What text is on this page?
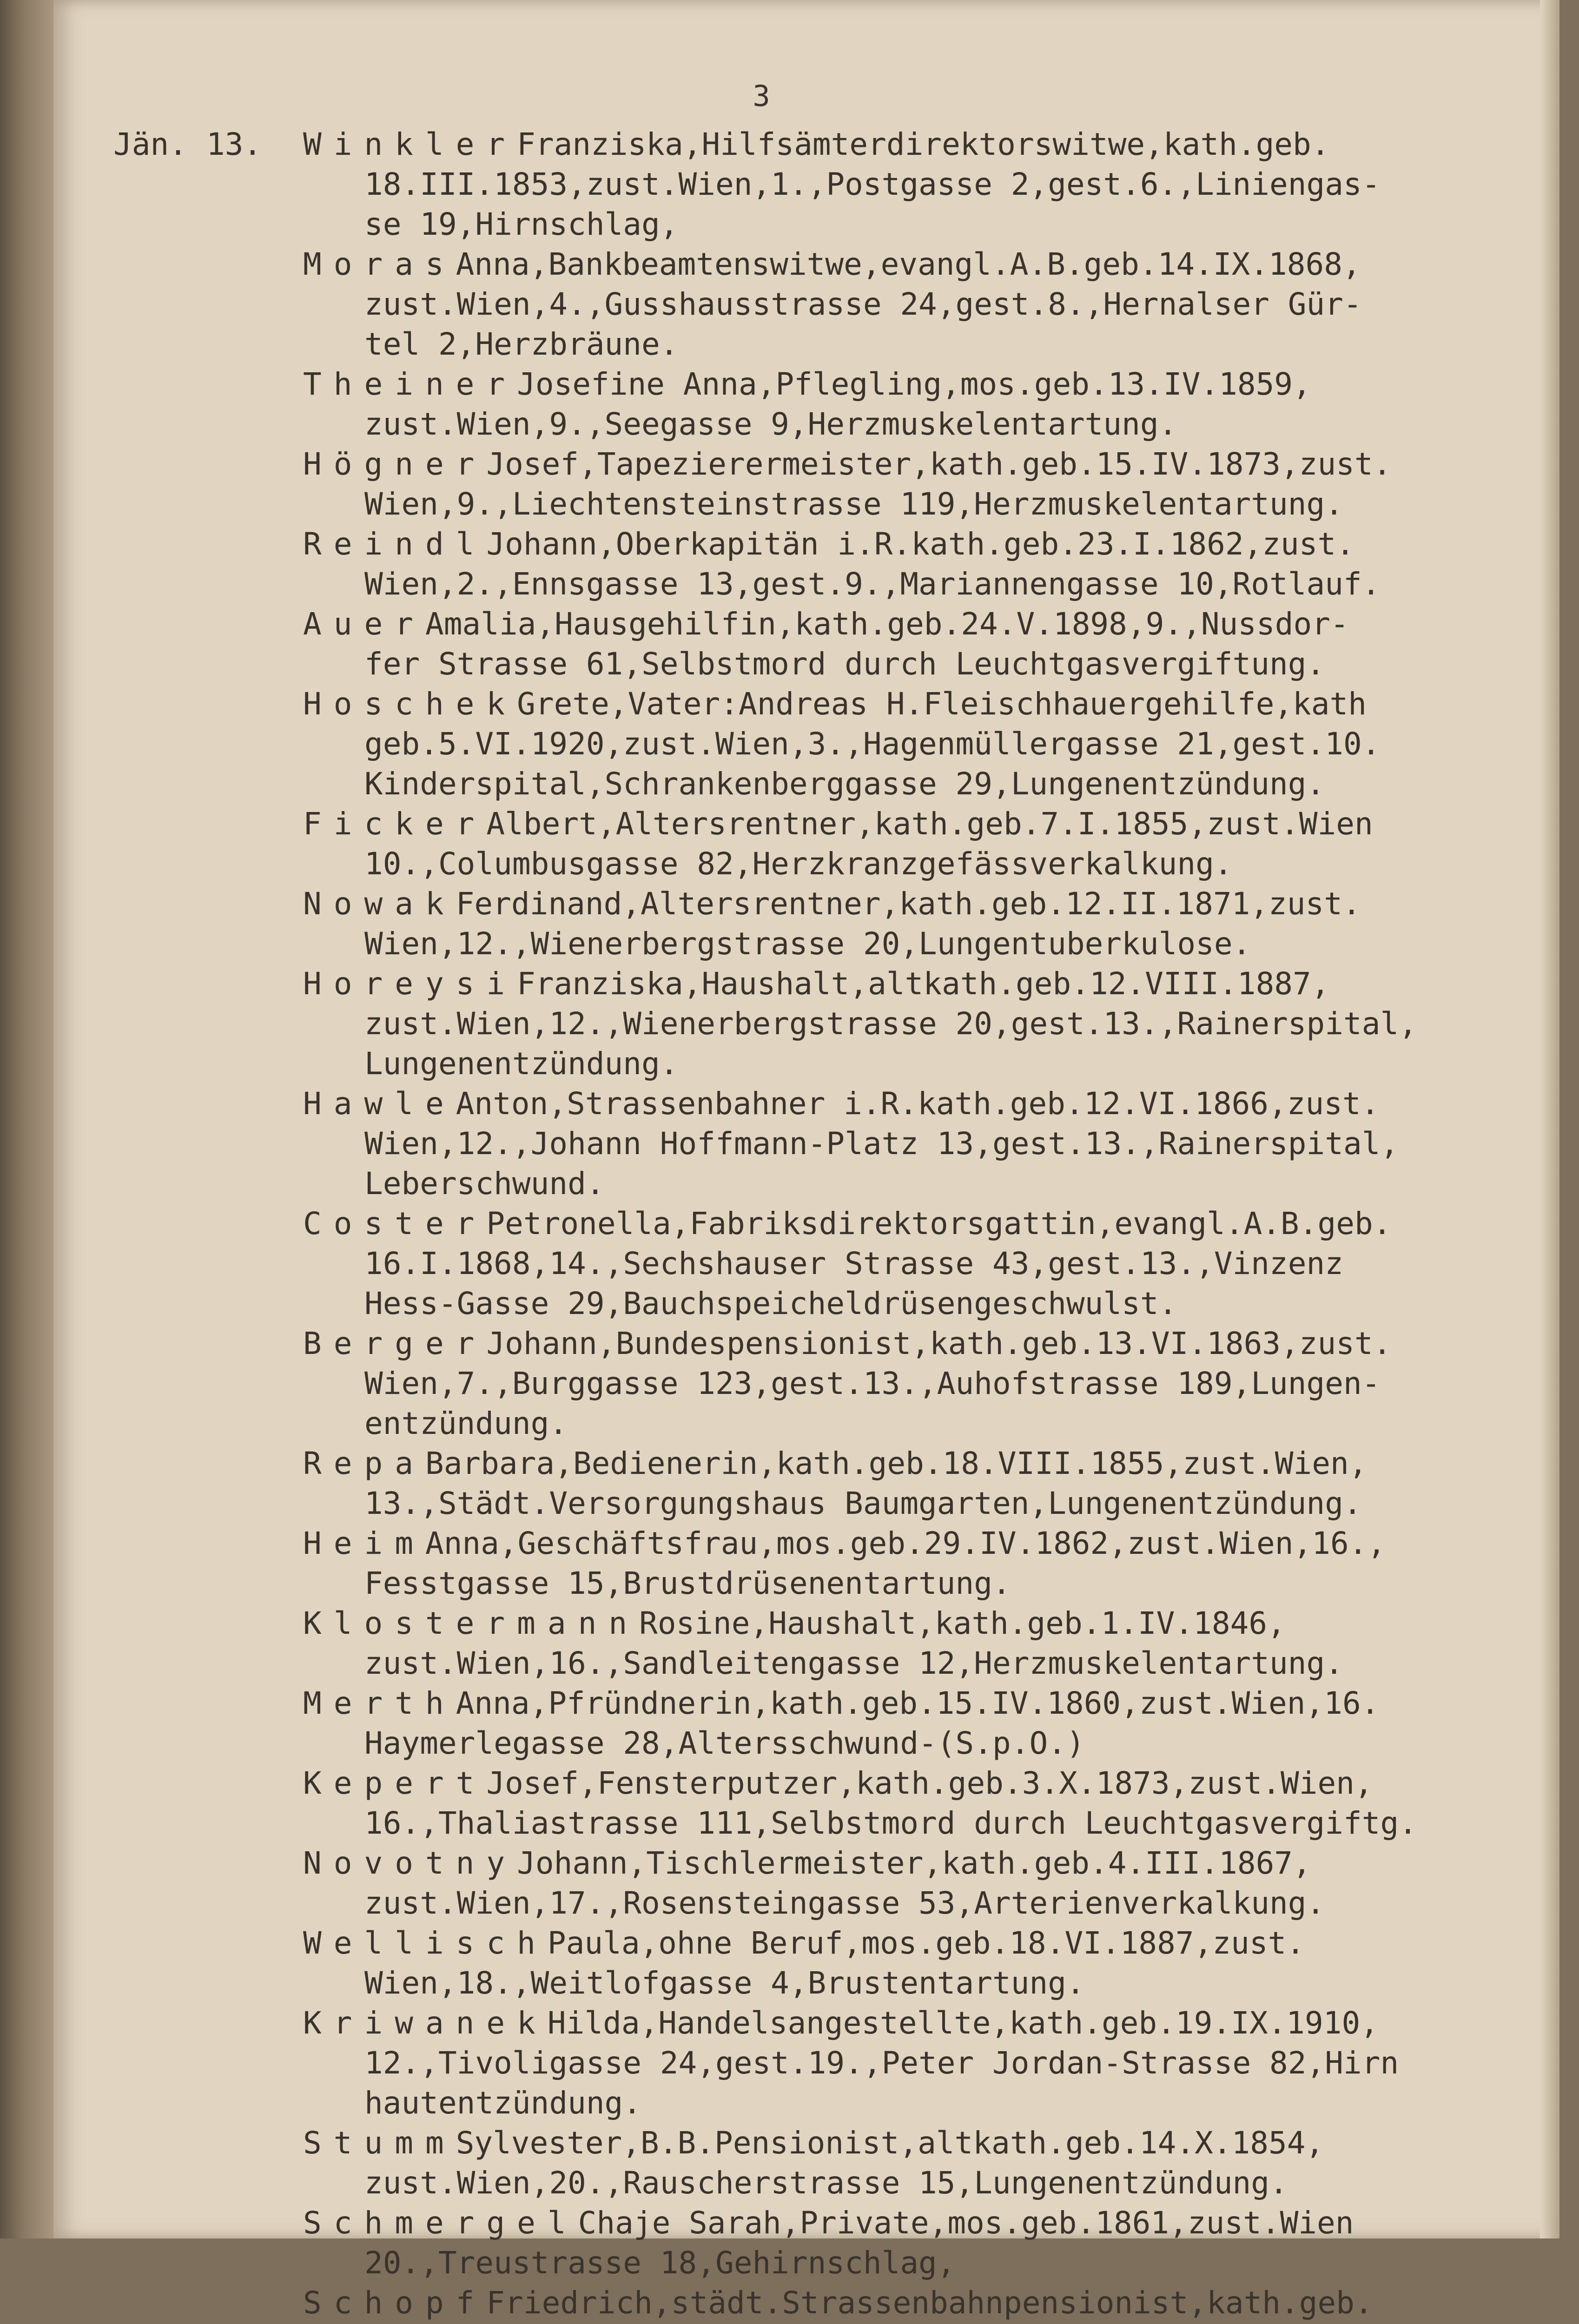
3
Jän. 13. WinklerFranziska,Hilfsämterdirektorswitwe,kath.geb.
18.III.1853,zust.Wien,1.,Postgasse 2,gest.6.,Liniengas-
se 19,Hirnschlag,
MorasAnna,Bankbeamtenswitwe,evangl.A.B.geb.14.IX.1868,
zust.Wien,4.,Gusshausstrasse 24,gest.8.,Hernalser Gür-
tel 2,Herzbräune.
TheinerJosefine Anna,Pflegling,mos.geb.13.IV.1859,
zust.Wien,9.,Seegasse 9,Herzmuskelentartung.
HögnerJosef,Tapezierermeister,kath.geb.15.IV.1873,zust.
Wien,9.,Liechtensteinstrasse 119,Herzmuskelentartung.
ReindlJohann,Oberkapitän i.R.kath.geb.23.I.1862,zust.
Wien,2.,Ennsgasse 13,gest.9.,Mariannengasse 10,Rotlauf.
AuerAmalia,Hausgehilfin,kath.geb.24.V.1898,9.,Nussdor-
fer Strasse 61,Selbstmord durch Leuchtgasvergiftung.
HoschekGrete,Vater:Andreas H.Fleischhauergehilfe,kath
geb.5.VI.1920,zust.Wien,3.,Hagenmüllergasse 21,gest.10.
Kinderspital,Schrankenberggasse 29,Lungenentzündung.
FickerAlbert,Altersrentner,kath.geb.7.I.1855,zust.Wien
10.,Columbusgasse 82,Herzkranzgefässverkalkung.
NowakFerdinand,Altersrentner,kath.geb.12.II.1871,zust.
Wien,12.,Wienerbergstrasse 20,Lungentuberkulose.
HoreysiFranziska,Haushalt,altkath.geb.12.VIII.1887,
zust.Wien,12.,Wienerbergstrasse 20,gest.13.,Rainerspital,
Lungenentzündung.
HawleAnton,Strassenbahner i.R.kath.geb.12.VI.1866,zust.
Wien,12.,Johann Hoffmann-Platz 13,gest.13.,Rainerspital,
Leberschwund.
CosterPetronella,Fabriksdirektorsgattin,evangl.A.B.geb.
16.I.1868,14.,Sechshauser Strasse 43,gest.13.,Vinzenz
Hess-Gasse 29,Bauchspeicheldrüsengeschwulst.
BergerJohann,Bundespensionist,kath.geb.13.VI.1863,zust.
Wien,7.,Burggasse 123,gest.13.,Auhofstrasse 189,Lungen-
entzündung.
RepaBarbara,Bedienerin,kath.geb.18.VIII.1855,zust.Wien,
13.,Städt.Versorgungshaus Baumgarten,Lungenentzündung.
HeimAnna,Geschäftsfrau,mos.geb.29.IV.1862,zust.Wien,16.,
Fesstgasse 15,Brustdrüsenentartung.
KlostermannRosine,Haushalt,kath.geb.1.IV.1846,
zust.Wien,16.,Sandleitengasse 12,Herzmuskelentartung.
MerthAnna,Pfründnerin,kath.geb.15.IV.1860,zust.Wien,16.
Haymerlegasse 28,Altersschwund-(S.p.O.)
KepertJosef,Fensterputzer,kath.geb.3.X.1873,zust.Wien,
16.,Thaliastrasse 111,Selbstmord durch Leuchtgasvergiftg.
NovotnyJohann,Tischlermeister,kath.geb.4.III.1867,
zust.Wien,17.,Rosensteingasse 53,Arterienverkalkung.
WellischPaula,ohne Beruf,mos.geb.18.VI.1887,zust.
Wien,18.,Weitlofgasse 4,Brustentartung.
KriwanekHilda,Handelsangestellte,kath.geb.19.IX.1910,
12.,Tivoligasse 24,gest.19.,Peter Jordan-Strasse 82,Hirn
hautentzündung.
StummSylvester,B.B.Pensionist,altkath.geb.14.X.1854,
zust.Wien,20.,Rauscherstrasse 15,Lungenentzündung.
SchmergelChaje Sarah,Private,mos.geb.1861,zust.Wien
20.,Treustrasse 18,Gehirnschlag,
SchopfFriedrich,städt.Strassenbahnpensionist,kath.geb.
